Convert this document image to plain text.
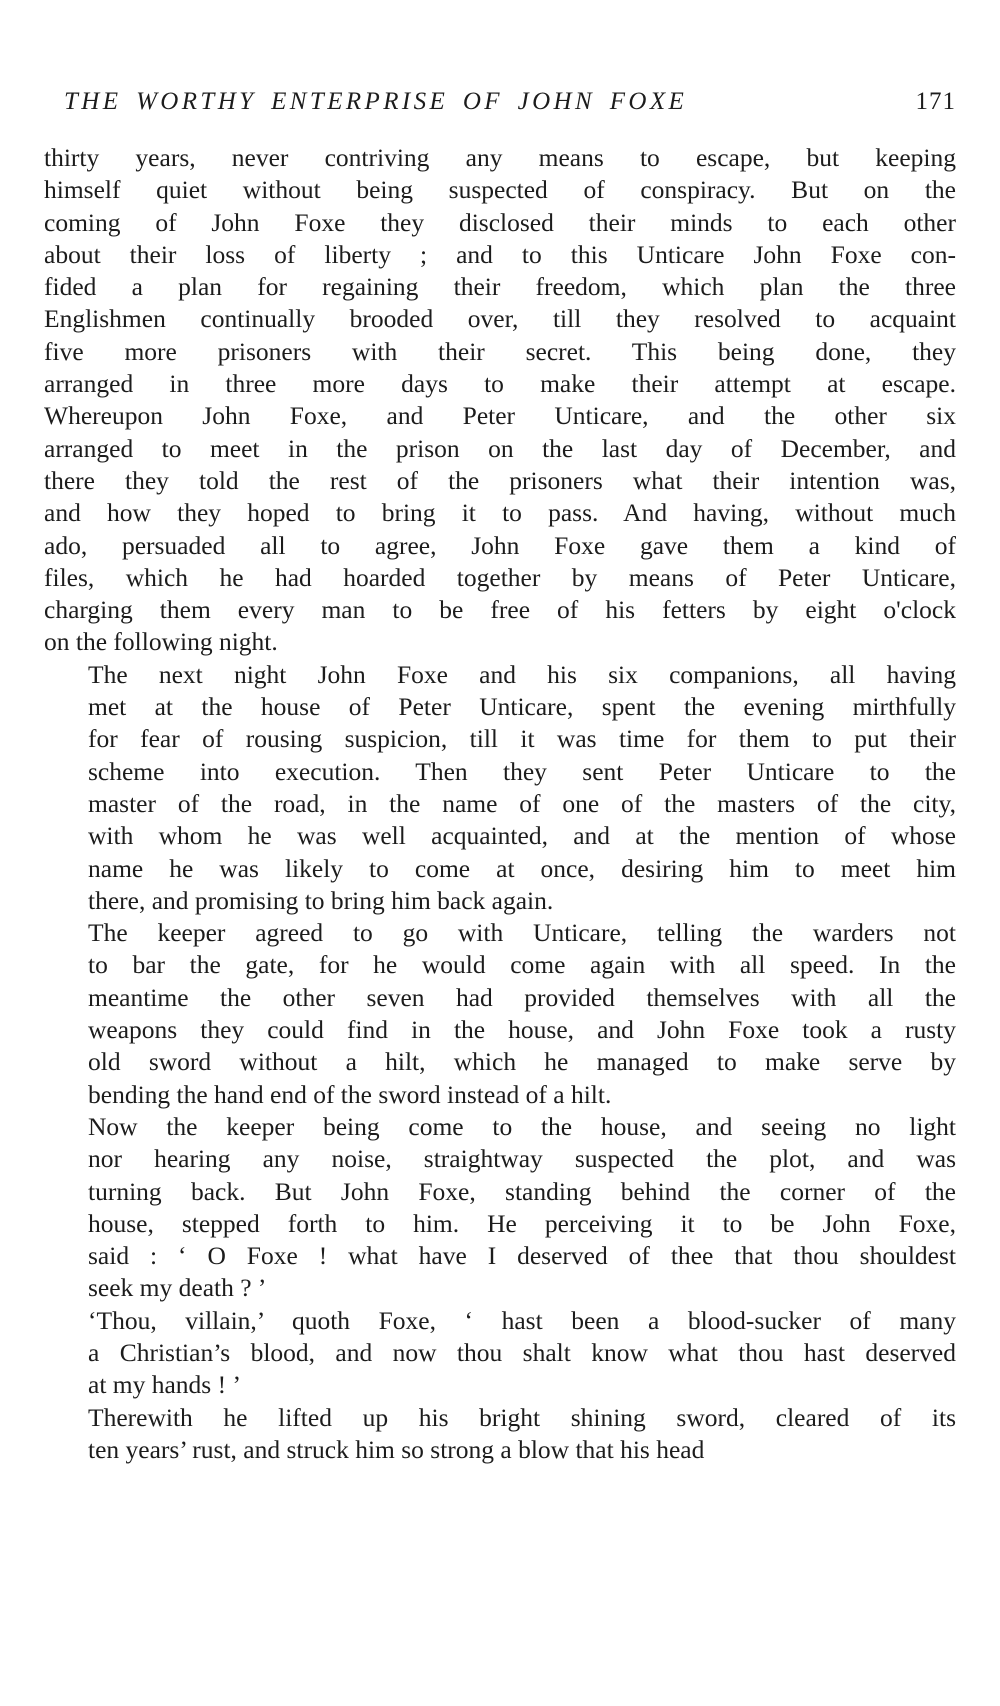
THE WORTHY ENTERPRISE OF JOHN FOXE	171

thirty years, never contriving any means to escape, but keeping
himself quiet without being suspected of conspiracy. But on the
coming of John Foxe they disclosed their minds to each other
about their loss of liberty ; and to this Unticare John Foxe con-
fided a plan for regaining their freedom, which plan the three
Englishmen continually brooded over, till they resolved to acquaint
five more prisoners with their secret. This being done, they
arranged in three more days to make their attempt at escape.
Whereupon John Foxe, and Peter Unticare, and the other six
arranged to meet in the prison on the last day of December, and
there they told the rest of the prisoners what their intention was,
and how they hoped to bring it to pass. And having, without much
ado, persuaded all to agree, John Foxe gave them a kind of
files, which he had hoarded together by means of Peter Unticare,
charging them every man to be free of his fetters by eight o'clock
on the following night.

The next night John Foxe and his six companions, all having
met at the house of Peter Unticare, spent the evening mirthfully
for fear of rousing suspicion, till it was time for them to put their
scheme into execution. Then they sent Peter Unticare to the
master of the road, in the name of one of the masters of the city,
with whom he was well acquainted, and at the mention of whose
name he was likely to come at once, desiring him to meet him
there, and promising to bring him back again.

The keeper agreed to go with Unticare, telling the warders not
to bar the gate, for he would come again with all speed. In the
meantime the other seven had provided themselves with all the
weapons they could find in the house, and John Foxe took a rusty
old sword without a hilt, which he managed to make serve by
bending the hand end of the sword instead of a hilt.

Now the keeper being come to the house, and seeing no light
nor hearing any noise, straightway suspected the plot, and was
turning back. But John Foxe, standing behind the corner of the
house, stepped forth to him. He perceiving it to be John Foxe,
said : ‘ O Foxe ! what have I deserved of thee that thou shouldest
seek my death ? ’

‘Thou, villain,’ quoth Foxe, ‘ hast been a blood-sucker of many
a Christian’s blood, and now thou shalt know what thou hast deserved
at my hands ! ’

Therewith he lifted up his bright shining sword, cleared of its
ten years’ rust, and struck him so strong a blow that his head
